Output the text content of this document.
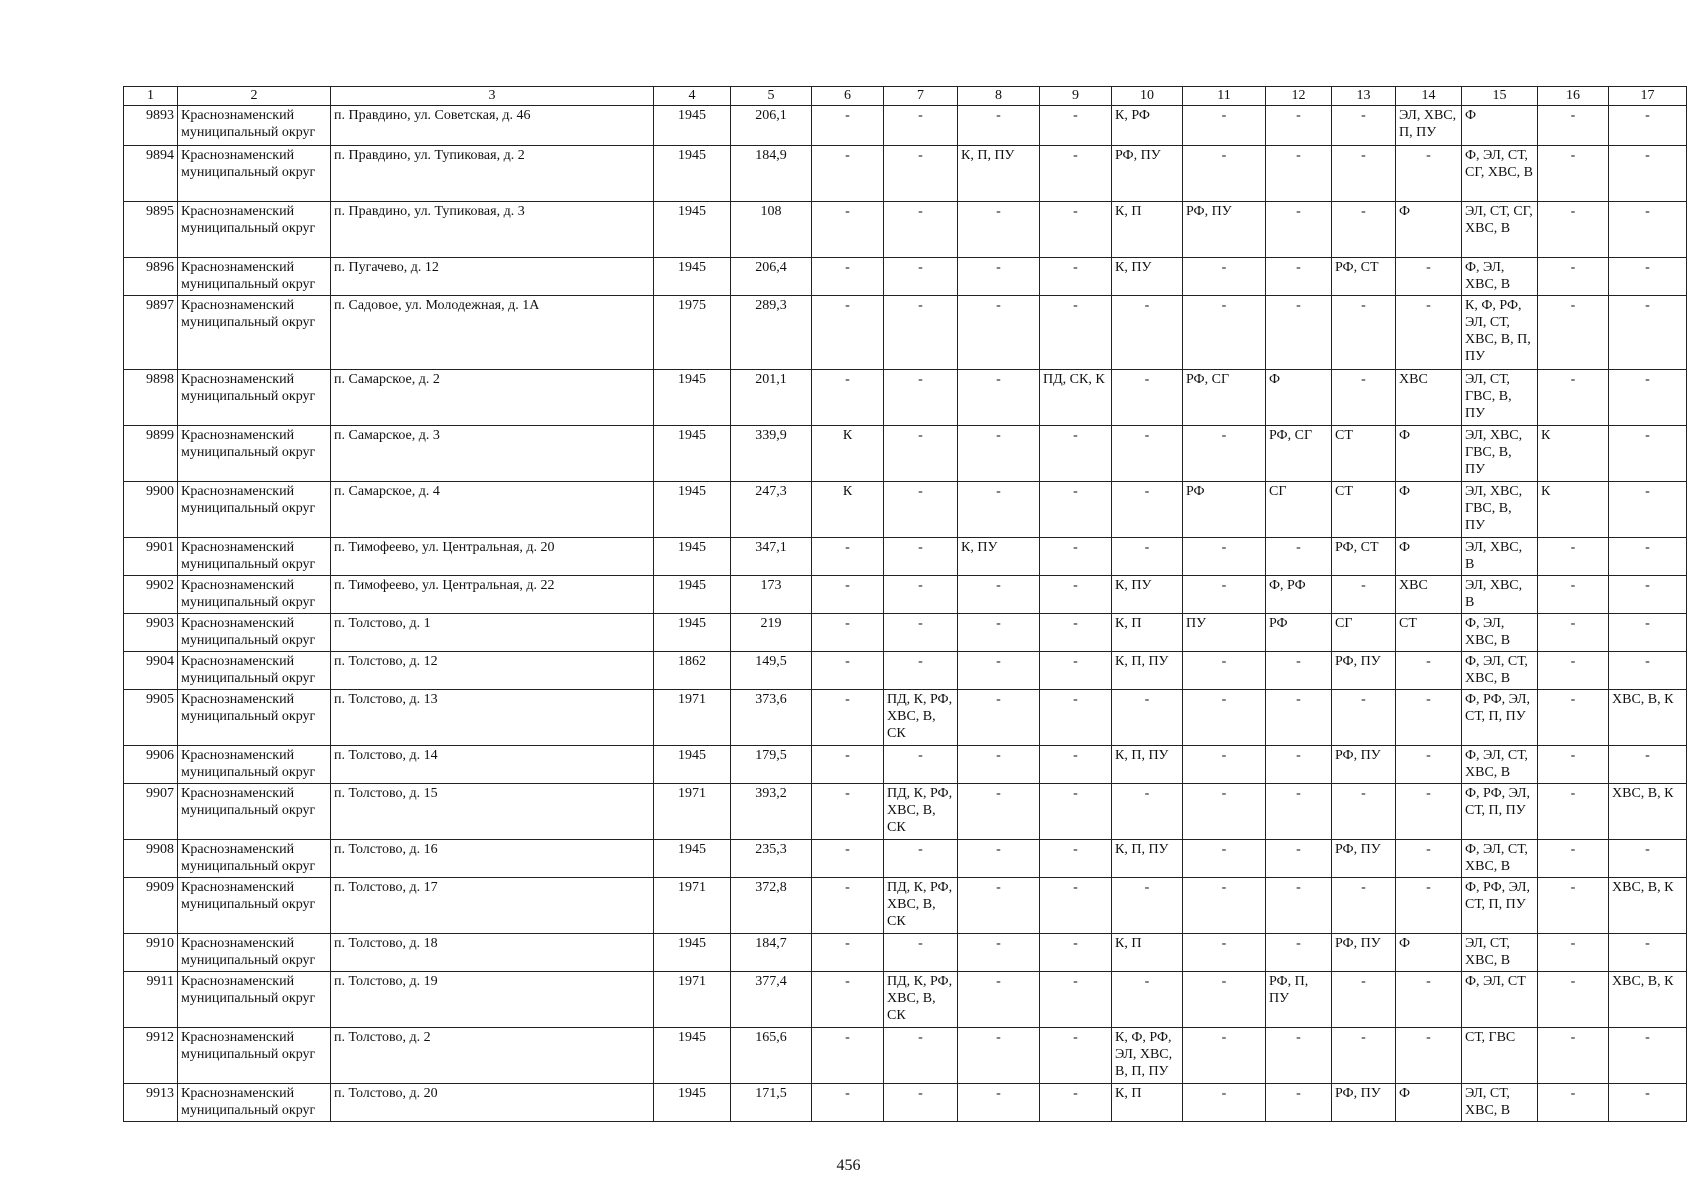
1	2	3	4	5	6	7	8	9	10	11	12	13	14	15	16	17
9893	Краснознаменский муниципальный округ	п. Правдино, ул. Советская, д. 46	1945	206,1	-	-	-	-	К, РФ	-	-	-	ЭЛ, ХВС, П, ПУ	Ф	-	-
9894	Краснознаменский муниципальный округ	п. Правдино, ул. Тупиковая, д. 2	1945	184,9	-	-	К, П, ПУ	-	РФ, ПУ	-	-	-	-	Ф, ЭЛ, СТ, СГ, ХВС, В	-	-
9895	Краснознаменский муниципальный округ	п. Правдино, ул. Тупиковая, д. 3	1945	108	-	-	-	-	К, П	РФ, ПУ	-	-	Ф	ЭЛ, СТ, СГ, ХВС, В	-	-
9896	Краснознаменский муниципальный округ	п. Пугачево, д. 12	1945	206,4	-	-	-	-	К, ПУ	-	-	РФ, СТ	-	Ф, ЭЛ, ХВС, В	-	-
9897	Краснознаменский муниципальный округ	п. Садовое, ул. Молодежная, д. 1А	1975	289,3	-	-	-	-	-	-	-	-	-	К, Ф, РФ, ЭЛ, СТ, ХВС, В, П, ПУ	-	-
9898	Краснознаменский муниципальный округ	п. Самарское, д. 2	1945	201,1	-	-	-	ПД, СК, К	-	РФ, СГ	Ф	-	ХВС	ЭЛ, СТ, ГВС, В, ПУ	-	-
9899	Краснознаменский муниципальный округ	п. Самарское, д. 3	1945	339,9	К	-	-	-	-	-	РФ, СГ	СТ	Ф	ЭЛ, ХВС, ГВС, В, ПУ	К	-
9900	Краснознаменский муниципальный округ	п. Самарское, д. 4	1945	247,3	К	-	-	-	-	РФ	СГ	СТ	Ф	ЭЛ, ХВС, ГВС, В, ПУ	К	-
9901	Краснознаменский муниципальный округ	п. Тимофеево, ул. Центральная, д. 20	1945	347,1	-	-	К, ПУ	-	-	-	-	РФ, СТ	Ф	ЭЛ, ХВС, В	-	-
9902	Краснознаменский муниципальный округ	п. Тимофеево, ул. Центральная, д. 22	1945	173	-	-	-	-	К, ПУ	-	Ф, РФ	-	ХВС	ЭЛ, ХВС, В	-	-
9903	Краснознаменский муниципальный округ	п. Толстово, д. 1	1945	219	-	-	-	-	К, П	ПУ	РФ	СГ	СТ	Ф, ЭЛ, ХВС, В	-	-
9904	Краснознаменский муниципальный округ	п. Толстово, д. 12	1862	149,5	-	-	-	-	К, П, ПУ	-	-	РФ, ПУ	-	Ф, ЭЛ, СТ, ХВС, В	-	-
9905	Краснознаменский муниципальный округ	п. Толстово, д. 13	1971	373,6	-	ПД, К, РФ, ХВС, В, СК	-	-	-	-	-	-	-	Ф, РФ, ЭЛ, СТ, П, ПУ	-	ХВС, В, К
9906	Краснознаменский муниципальный округ	п. Толстово, д. 14	1945	179,5	-	-	-	-	К, П, ПУ	-	-	РФ, ПУ	-	Ф, ЭЛ, СТ, ХВС, В	-	-
9907	Краснознаменский муниципальный округ	п. Толстово, д. 15	1971	393,2	-	ПД, К, РФ, ХВС, В, СК	-	-	-	-	-	-	-	Ф, РФ, ЭЛ, СТ, П, ПУ	-	ХВС, В, К
9908	Краснознаменский муниципальный округ	п. Толстово, д. 16	1945	235,3	-	-	-	-	К, П, ПУ	-	-	РФ, ПУ	-	Ф, ЭЛ, СТ, ХВС, В	-	-
9909	Краснознаменский муниципальный округ	п. Толстово, д. 17	1971	372,8	-	ПД, К, РФ, ХВС, В, СК	-	-	-	-	-	-	-	Ф, РФ, ЭЛ, СТ, П, ПУ	-	ХВС, В, К
9910	Краснознаменский муниципальный округ	п. Толстово, д. 18	1945	184,7	-	-	-	-	К, П	-	-	РФ, ПУ	Ф	ЭЛ, СТ, ХВС, В	-	-
9911	Краснознаменский муниципальный округ	п. Толстово, д. 19	1971	377,4	-	ПД, К, РФ, ХВС, В, СК	-	-	-	-	РФ, П, ПУ	-	-	Ф, ЭЛ, СТ	-	ХВС, В, К
9912	Краснознаменский муниципальный округ	п. Толстово, д. 2	1945	165,6	-	-	-	-	К, Ф, РФ, ЭЛ, ХВС, В, П, ПУ	-	-	-	-	СТ, ГВС	-	-
9913	Краснознаменский муниципальный округ	п. Толстово, д. 20	1945	171,5	-	-	-	-	К, П	-	-	РФ, ПУ	Ф	ЭЛ, СТ, ХВС, В	-	-
456
